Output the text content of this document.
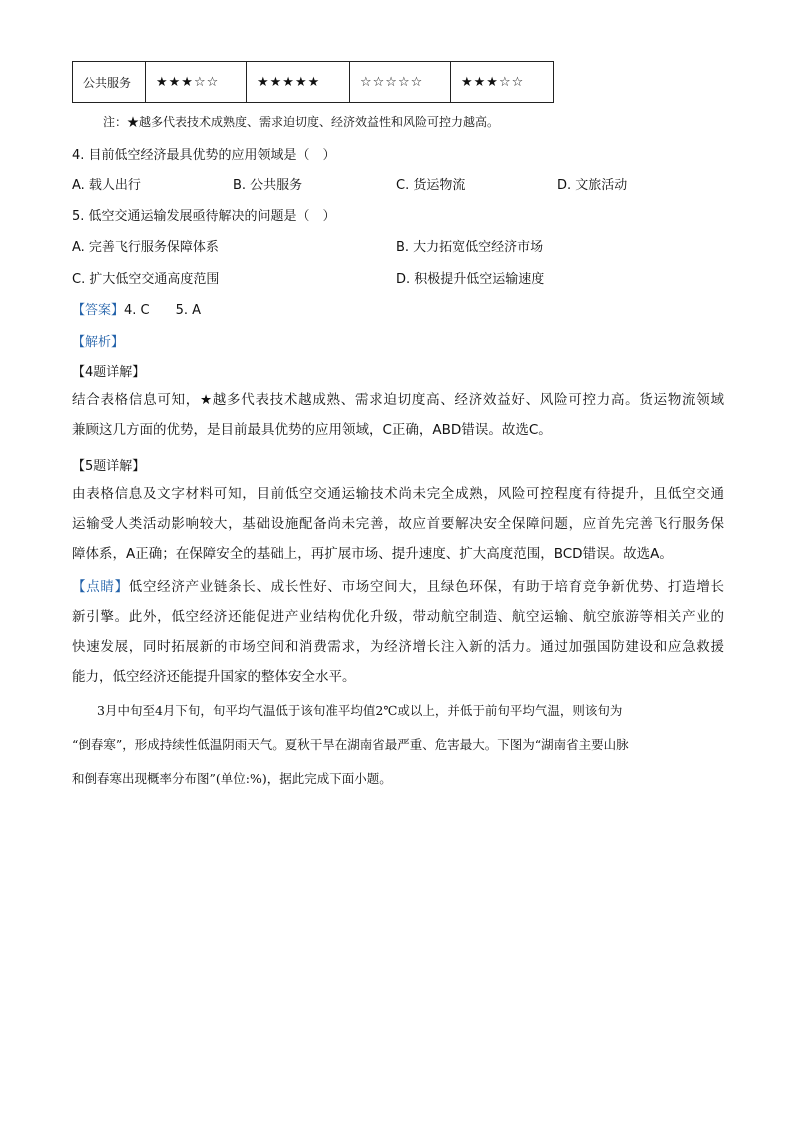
公共服务	★★★☆☆	★★★★★	☆☆☆☆☆	★★★☆☆
注：★越多代表技术成熟度、需求迫切度、经济效益性和风险可控力越高。
4. 目前低空经济最具优势的应用领域是（　）
A. 载人出行	B. 公共服务	C. 货运物流	D. 文旅活动
5. 低空交通运输发展亟待解决的问题是（　）
A. 完善飞行服务保障体系	B. 大力拓宽低空经济市场
C. 扩大低空交通高度范围	D. 积极提升低空运输速度
【答案】4. C　　5. A
【解析】
【4题详解】
结合表格信息可知，★越多代表技术越成熟、需求迫切度高、经济效益好、风险可控力高。货运物流领域
兼顾这几方面的优势，是目前最具优势的应用领域，C正确，ABD错误。故选C。
【5题详解】
由表格信息及文字材料可知，目前低空交通运输技术尚未完全成熟，风险可控程度有待提升，且低空交通
运输受人类活动影响较大，基础设施配备尚未完善，故应首要解决安全保障问题，应首先完善飞行服务保
障体系，A正确；在保障安全的基础上，再扩展市场、提升速度、扩大高度范围，BCD错误。故选A。
【点睛】低空经济产业链条长、成长性好、市场空间大，且绿色环保，有助于培育竞争新优势、打造增长
新引擎。此外，低空经济还能促进产业结构优化升级，带动航空制造、航空运输、航空旅游等相关产业的
快速发展，同时拓展新的市场空间和消费需求，为经济增长注入新的活力。通过加强国防建设和应急救援
能力，低空经济还能提升国家的整体安全水平。
　　3月中旬至4月下旬，旬平均气温低于该旬准平均值2℃或以上，并低于前旬平均气温，则该旬为
“倒春寒”，形成持续性低温阴雨天气。夏秋干旱在湖南省最严重、危害最大。下图为“湖南省主要山脉
和倒春寒出现概率分布图”(单位:%)，据此完成下面小题。
